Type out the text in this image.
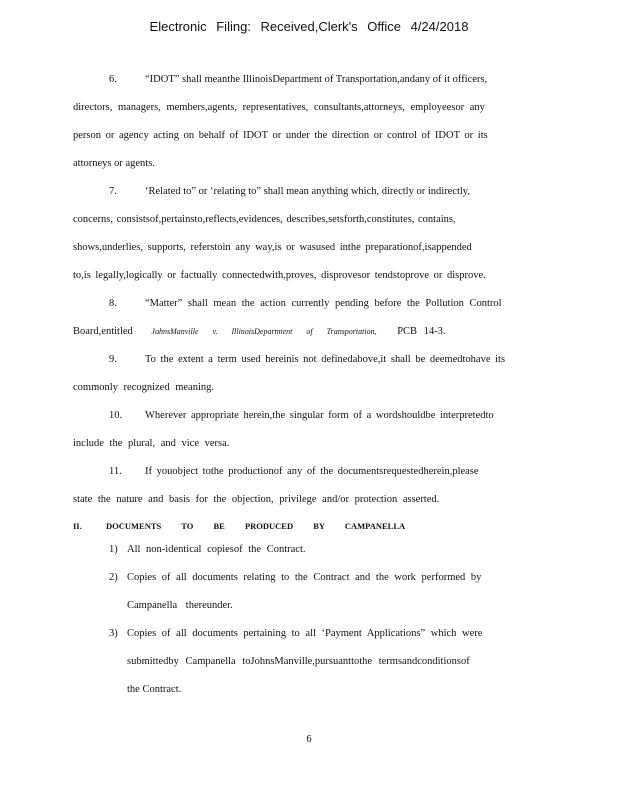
Electronic Filing: Received,Clerk's Office 4/24/2018
6.	“IDOT” shall meanthe IllinoisDepartment of Transportation,andany of it officers,
directors, managers, members,agents, representatives, consultants,attorneys, employeesor any
person or agency acting on behalf of IDOT or under the direction or control of IDOT or its
attorneys or agents.
7.	‘Related to” or ‘relating to” shall mean anything which, directly or indirectly,
concerns, consistsof,pertainsto,reflects,evidences, describes,setsforth,constitutes, contains,
shows,underlies, supports, referstoin any way,is or wasused inthe preparationof,isappended
to,is legally,logically or factually connectedwith,proves, disprovesor tendstoprove or disprove.
8.	“Matter” shall mean the action currently pending before the Pollution Control
Board,entitled JohnsManville v. IllinoisDepartment of Transportation, PCB 14-3.
9.	To the extent a term used hereinis not definedabove,it shall be deemedtohave its
commonly recognized meaning.
10. Wherever appropriate herein,the singular form of a wordshouldbe interpretedto
include the plural, and vice versa.
11. If youobject tothe productionof any of the documentsrequestedherein,please
state the nature and basis for the objection, privilege and/or protection asserted.
II.	DOCUMENTS TO BE PRODUCED BY CAMPANELLA
1) All non-identical copiesof the Contract.
2) Copies of all documents relating to the Contract and the work performed by
Campanella thereunder.
3) Copies of all documents pertaining to all ‘Payment Applications” which were
submittedby Campanella toJohnsManville,pursuanttothe termsandconditionsof
the Contract.
6
